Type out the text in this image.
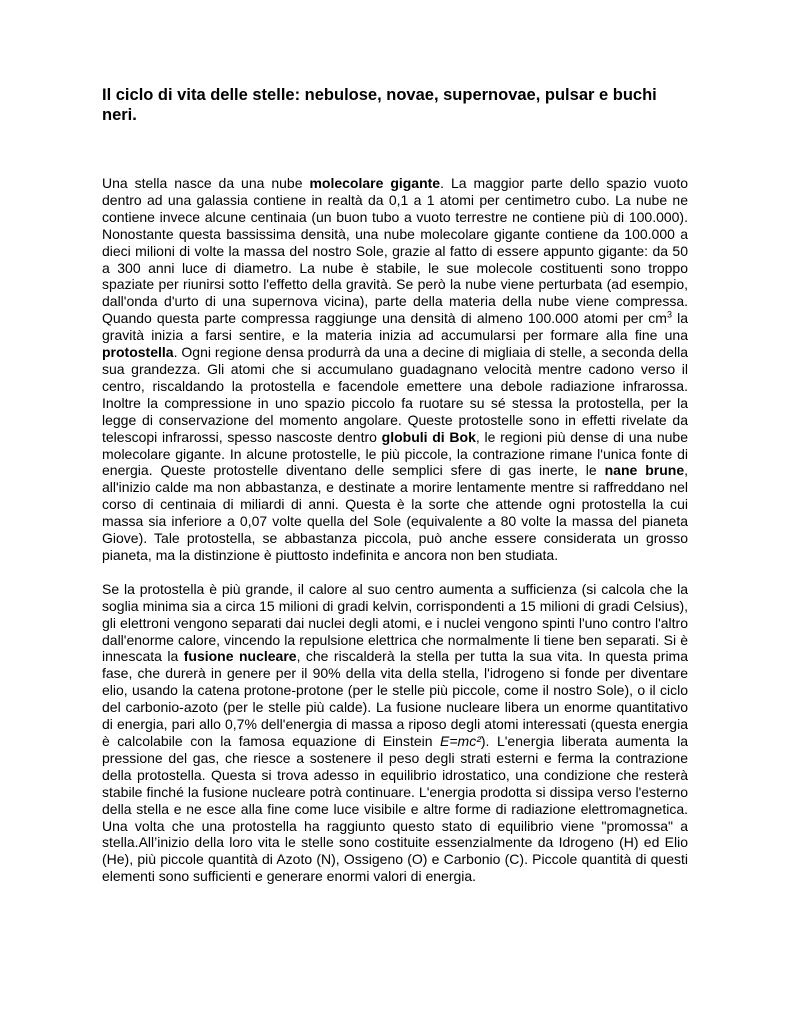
Il ciclo di vita delle stelle: nebulose, novae, supernovae, pulsar e buchi neri.

Una stella nasce da una nube molecolare gigante. La maggior parte dello spazio vuoto dentro ad una galassia contiene in realtà da 0,1 a 1 atomi per centimetro cubo. La nube ne contiene invece alcune centinaia (un buon tubo a vuoto terrestre ne contiene più di 100.000). Nonostante questa bassissima densità, una nube molecolare gigante contiene da 100.000 a dieci milioni di volte la massa del nostro Sole, grazie al fatto di essere appunto gigante: da 50 a 300 anni luce di diametro. La nube è stabile, le sue molecole costituenti sono troppo spaziate per riunirsi sotto l'effetto della gravità. Se però la nube viene perturbata (ad esempio, dall'onda d'urto di una supernova vicina), parte della materia della nube viene compressa. Quando questa parte compressa raggiunge una densità di almeno 100.000 atomi per $cm^3$ la gravità inizia a farsi sentire, e la materia inizia ad accumularsi per formare alla fine una protostella. Ogni regione densa produrrà da una a decine di migliaia di stelle, a seconda della sua grandezza. Gli atomi che si accumulano guadagnano velocità mentre cadono verso il centro, riscaldando la protostella e facendole emettere una debole radiazione infrarossa. Inoltre la compressione in uno spazio piccolo fa ruotare su sé stessa la protostella, per la legge di conservazione del momento angolare. Queste protostelle sono in effetti rivelate da telescopi infrarossi, spesso nascoste dentro globuli di Bok, le regioni più dense di una nube molecolare gigante. In alcune protostelle, le più piccole, la contrazione rimane l'unica fonte di energia. Queste protostelle diventano delle semplici sfere di gas inerte, le nane brune, all'inizio calde ma non abbastanza, e destinate a morire lentamente mentre si raffreddano nel corso di centinaia di miliardi di anni. Questa è la sorte che attende ogni protostella la cui massa sia inferiore a 0,07 volte quella del Sole (equivalente a 80 volte la massa del pianeta Giove). Tale protostella, se abbastanza piccola, può anche essere considerata un grosso pianeta, ma la distinzione è piuttosto indefinita e ancora non ben studiata.

Se la protostella è più grande, il calore al suo centro aumenta a sufficienza (si calcola che la soglia minima sia a circa 15 milioni di gradi kelvin, corrispondenti a 15 milioni di gradi Celsius), gli elettroni vengono separati dai nuclei degli atomi, e i nuclei vengono spinti l'uno contro l'altro dall'enorme calore, vincendo la repulsione elettrica che normalmente li tiene ben separati. Si è innescata la fusione nucleare, che riscalderà la stella per tutta la sua vita. In questa prima fase, che durerà in genere per il 90% della vita della stella, l'idrogeno si fonde per diventare elio, usando la catena protone-protone (per le stelle più piccole, come il nostro Sole), o il ciclo del carbonio-azoto (per le stelle più calde). La fusione nucleare libera un enorme quantitativo di energia, pari allo 0,7% dell'energia di massa a riposo degli atomi interessati (questa energia è calcolabile con la famosa equazione di Einstein E=mc²). L'energia liberata aumenta la pressione del gas, che riesce a sostenere il peso degli strati esterni e ferma la contrazione della protostella. Questa si trova adesso in equilibrio idrostatico, una condizione che resterà stabile finché la fusione nucleare potrà continuare. L'energia prodotta si dissipa verso l'esterno della stella e ne esce alla fine come luce visibile e altre forme di radiazione elettromagnetica. Una volta che una protostella ha raggiunto questo stato di equilibrio viene "promossa" a stella.All’inizio della loro vita le stelle sono costituite essenzialmente da Idrogeno (H) ed Elio (He), più piccole quantità di Azoto (N), Ossigeno (O) e Carbonio (C). Piccole quantità di questi elementi sono sufficienti e generare enormi valori di energia.
